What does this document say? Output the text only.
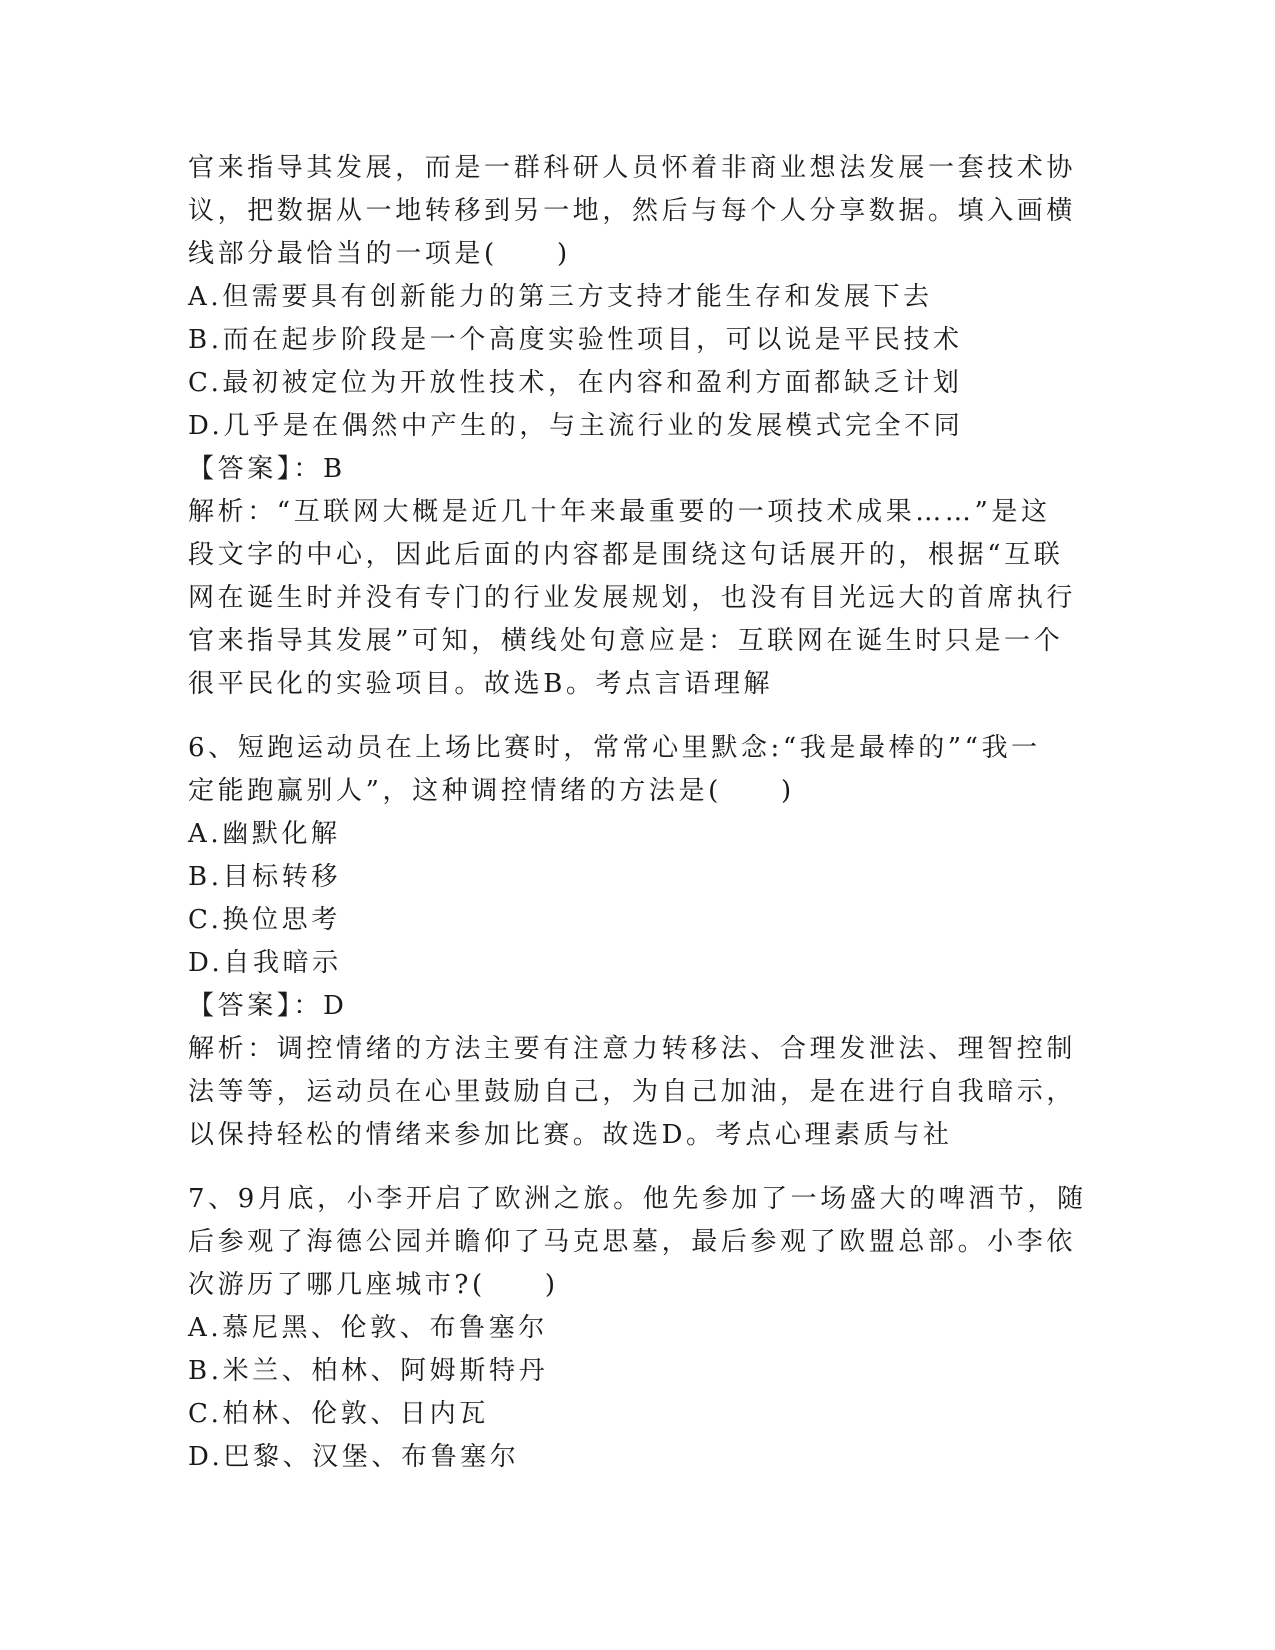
官来指导其发展，而是一群科研人员怀着非商业想法发展一套技术协
议，把数据从一地转移到另一地，然后与每个人分享数据。填入画横
线部分最恰当的一项是(　　)
A.但需要具有创新能力的第三方支持才能生存和发展下去
B.而在起步阶段是一个高度实验性项目，可以说是平民技术
C.最初被定位为开放性技术，在内容和盈利方面都缺乏计划
D.几乎是在偶然中产生的，与主流行业的发展模式完全不同
【答案】：B
解析：“互联网大概是近几十年来最重要的一项技术成果……”是这
段文字的中心，因此后面的内容都是围绕这句话展开的，根据“互联
网在诞生时并没有专门的行业发展规划，也没有目光远大的首席执行
官来指导其发展”可知，横线处句意应是：互联网在诞生时只是一个
很平民化的实验项目。故选B。考点言语理解
6、短跑运动员在上场比赛时，常常心里默念:“我是最棒的”“我一
定能跑赢别人”，这种调控情绪的方法是(　　)
A.幽默化解
B.目标转移
C.换位思考
D.自我暗示
【答案】：D
解析：调控情绪的方法主要有注意力转移法、合理发泄法、理智控制
法等等，运动员在心里鼓励自己，为自己加油，是在进行自我暗示，
以保持轻松的情绪来参加比赛。故选D。考点心理素质与社
7、9月底，小李开启了欧洲之旅。他先参加了一场盛大的啤酒节，随
后参观了海德公园并瞻仰了马克思墓，最后参观了欧盟总部。小李依
次游历了哪几座城市?(　　)
A.慕尼黑、伦敦、布鲁塞尔
B.米兰、柏林、阿姆斯特丹
C.柏林、伦敦、日内瓦
D.巴黎、汉堡、布鲁塞尔
